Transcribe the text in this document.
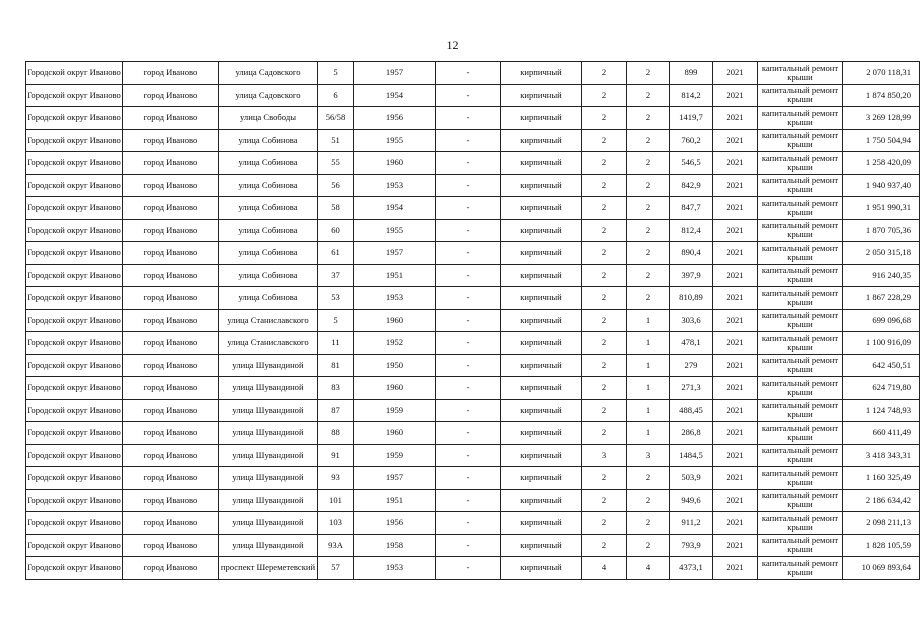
12
Городской округ Иваново	город Иваново	улица Садовского	5	1957	-	кирпичный	2	2	899	2021	капитальный ремонт крыши	2 070 118,31
Городской округ Иваново	город Иваново	улица Садовского	6	1954	-	кирпичный	2	2	814,2	2021	капитальный ремонт крыши	1 874 850,20
Городской округ Иваново	город Иваново	улица Свободы	56/58	1956	-	кирпичный	2	2	1419,7	2021	капитальный ремонт крыши	3 269 128,99
Городской округ Иваново	город Иваново	улица Собинова	51	1955	-	кирпичный	2	2	760,2	2021	капитальный ремонт крыши	1 750 504,94
Городской округ Иваново	город Иваново	улица Собинова	55	1960	-	кирпичный	2	2	546,5	2021	капитальный ремонт крыши	1 258 420,09
Городской округ Иваново	город Иваново	улица Собинова	56	1953	-	кирпичный	2	2	842,9	2021	капитальный ремонт крыши	1 940 937,40
Городской округ Иваново	город Иваново	улица Собинова	58	1954	-	кирпичный	2	2	847,7	2021	капитальный ремонт крыши	1 951 990,31
Городской округ Иваново	город Иваново	улица Собинова	60	1955	-	кирпичный	2	2	812,4	2021	капитальный ремонт крыши	1 870 705,36
Городской округ Иваново	город Иваново	улица Собинова	61	1957	-	кирпичный	2	2	890,4	2021	капитальный ремонт крыши	2 050 315,18
Городской округ Иваново	город Иваново	улица Собинова	37	1951	-	кирпичный	2	2	397,9	2021	капитальный ремонт крыши	916 240,35
Городской округ Иваново	город Иваново	улица Собинова	53	1953	-	кирпичный	2	2	810,89	2021	капитальный ремонт крыши	1 867 228,29
Городской округ Иваново	город Иваново	улица Станиславского	5	1960	-	кирпичный	2	1	303,6	2021	капитальный ремонт крыши	699 096,68
Городской округ Иваново	город Иваново	улица Станиславского	11	1952	-	кирпичный	2	1	478,1	2021	капитальный ремонт крыши	1 100 916,09
Городской округ Иваново	город Иваново	улица Шувандиной	81	1950	-	кирпичный	2	1	279	2021	капитальный ремонт крыши	642 450,51
Городской округ Иваново	город Иваново	улица Шувандиной	83	1960	-	кирпичный	2	1	271,3	2021	капитальный ремонт крыши	624 719,80
Городской округ Иваново	город Иваново	улица Шувандиной	87	1959	-	кирпичный	2	1	488,45	2021	капитальный ремонт крыши	1 124 748,93
Городской округ Иваново	город Иваново	улица Шувандиной	88	1960	-	кирпичный	2	1	286,8	2021	капитальный ремонт крыши	660 411,49
Городской округ Иваново	город Иваново	улица Шувандиной	91	1959	-	кирпичный	3	3	1484,5	2021	капитальный ремонт крыши	3 418 343,31
Городской округ Иваново	город Иваново	улица Шувандиной	93	1957	-	кирпичный	2	2	503,9	2021	капитальный ремонт крыши	1 160 325,49
Городской округ Иваново	город Иваново	улица Шувандиной	101	1951	-	кирпичный	2	2	949,6	2021	капитальный ремонт крыши	2 186 634,42
Городской округ Иваново	город Иваново	улица Шувандиной	103	1956	-	кирпичный	2	2	911,2	2021	капитальный ремонт крыши	2 098 211,13
Городской округ Иваново	город Иваново	улица Шувандиной	93А	1958	-	кирпичный	2	2	793,9	2021	капитальный ремонт крыши	1 828 105,59
Городской округ Иваново	город Иваново	проспект Шереметевский	57	1953	-	кирпичный	4	4	4373,1	2021	капитальный ремонт крыши	10 069 893,64
